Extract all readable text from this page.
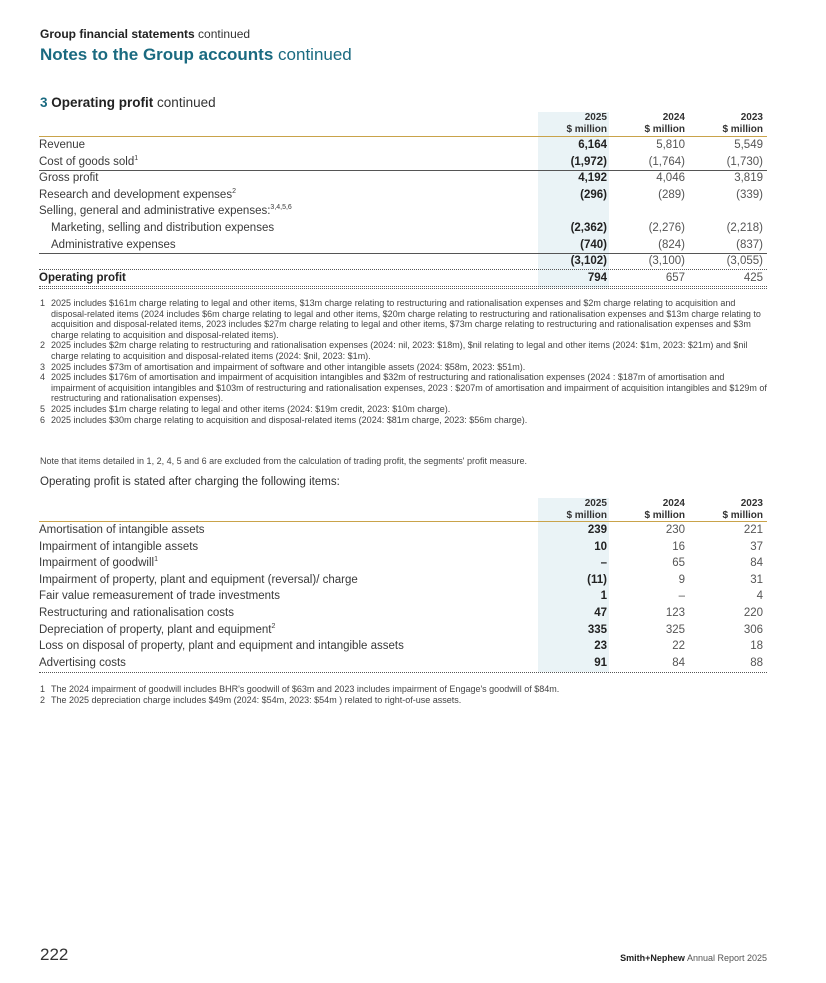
Group financial statements continued
Notes to the Group accounts continued
3 Operating profit continued
2025
$ million
2024
$ million
2023
$ million
Revenue	6,164	5,810	5,549
Cost of goods sold$^1$	(1,972)	(1,764)	(1,730)
Gross profit	4,192	4,046	3,819
Research and development expenses$^2$	(296)	(289)	(339)
Selling, general and administrative expenses:$^{3,4,5,6}$
Marketing, selling and distribution expenses	(2,362)	(2,276)	(2,218)
Administrative expenses	(740)	(824)	(837)
(3,102)	(3,100)	(3,055)
Operating profit	794	657	425
1 2025 includes $161m charge relating to legal and other items, $13m charge relating to restructuring and rationalisation expenses and $2m charge relating to acquisition and disposal-related items (2024 includes $6m charge relating to legal and other items, $20m charge relating to restructuring and rationalisation expenses and $13m charge relating to acquisition and disposal-related items, 2023 includes $27m charge relating to legal and other items, $73m charge relating to restructuring and rationalisation expenses and $3m charge relating to acquisition and disposal-related items).
2 2025 includes $2m charge relating to restructuring and rationalisation expenses (2024: nil, 2023: $18m), $nil relating to legal and other items (2024: $1m, 2023: $21m) and $nil charge relating to acquisition and disposal-related items (2024: $nil, 2023: $1m).
3 2025 includes $73m of amortisation and impairment of software and other intangible assets (2024: $58m, 2023: $51m).
4 2025 includes $176m of amortisation and impairment of acquisition intangibles and $32m of restructuring and rationalisation expenses (2024 : $187m of amortisation and impairment of acquisition intangibles and $103m of restructuring and rationalisation expenses, 2023 : $207m of amortisation and impairment of acquisition intangibles and $129m of restructuring and rationalisation expenses).
5 2025 includes $1m charge relating to legal and other items (2024: $19m credit, 2023: $10m charge).
6 2025 includes $30m charge relating to acquisition and disposal-related items (2024: $81m charge, 2023: $56m charge).
Note that items detailed in 1, 2, 4, 5 and 6 are excluded from the calculation of trading profit, the segments' profit measure.
Operating profit is stated after charging the following items:
2025
$ million
2024
$ million
2023
$ million
Amortisation of intangible assets	239	230	221
Impairment of intangible assets	10	16	37
Impairment of goodwill$^1$	–	65	84
Impairment of property, plant and equipment (reversal)/ charge	(11)	9	31
Fair value remeasurement of trade investments	1	–	4
Restructuring and rationalisation costs	47	123	220
Depreciation of property, plant and equipment$^2$	335	325	306
Loss on disposal of property, plant and equipment and intangible assets	23	22	18
Advertising costs	91	84	88
1 The 2024 impairment of goodwill includes BHR's goodwill of $63m and 2023 includes impairment of Engage's goodwill of $84m.
2 The 2025 depreciation charge includes $49m (2024: $54m, 2023: $54m ) related to right-of-use assets.
222	Smith+Nephew Annual Report 2025
